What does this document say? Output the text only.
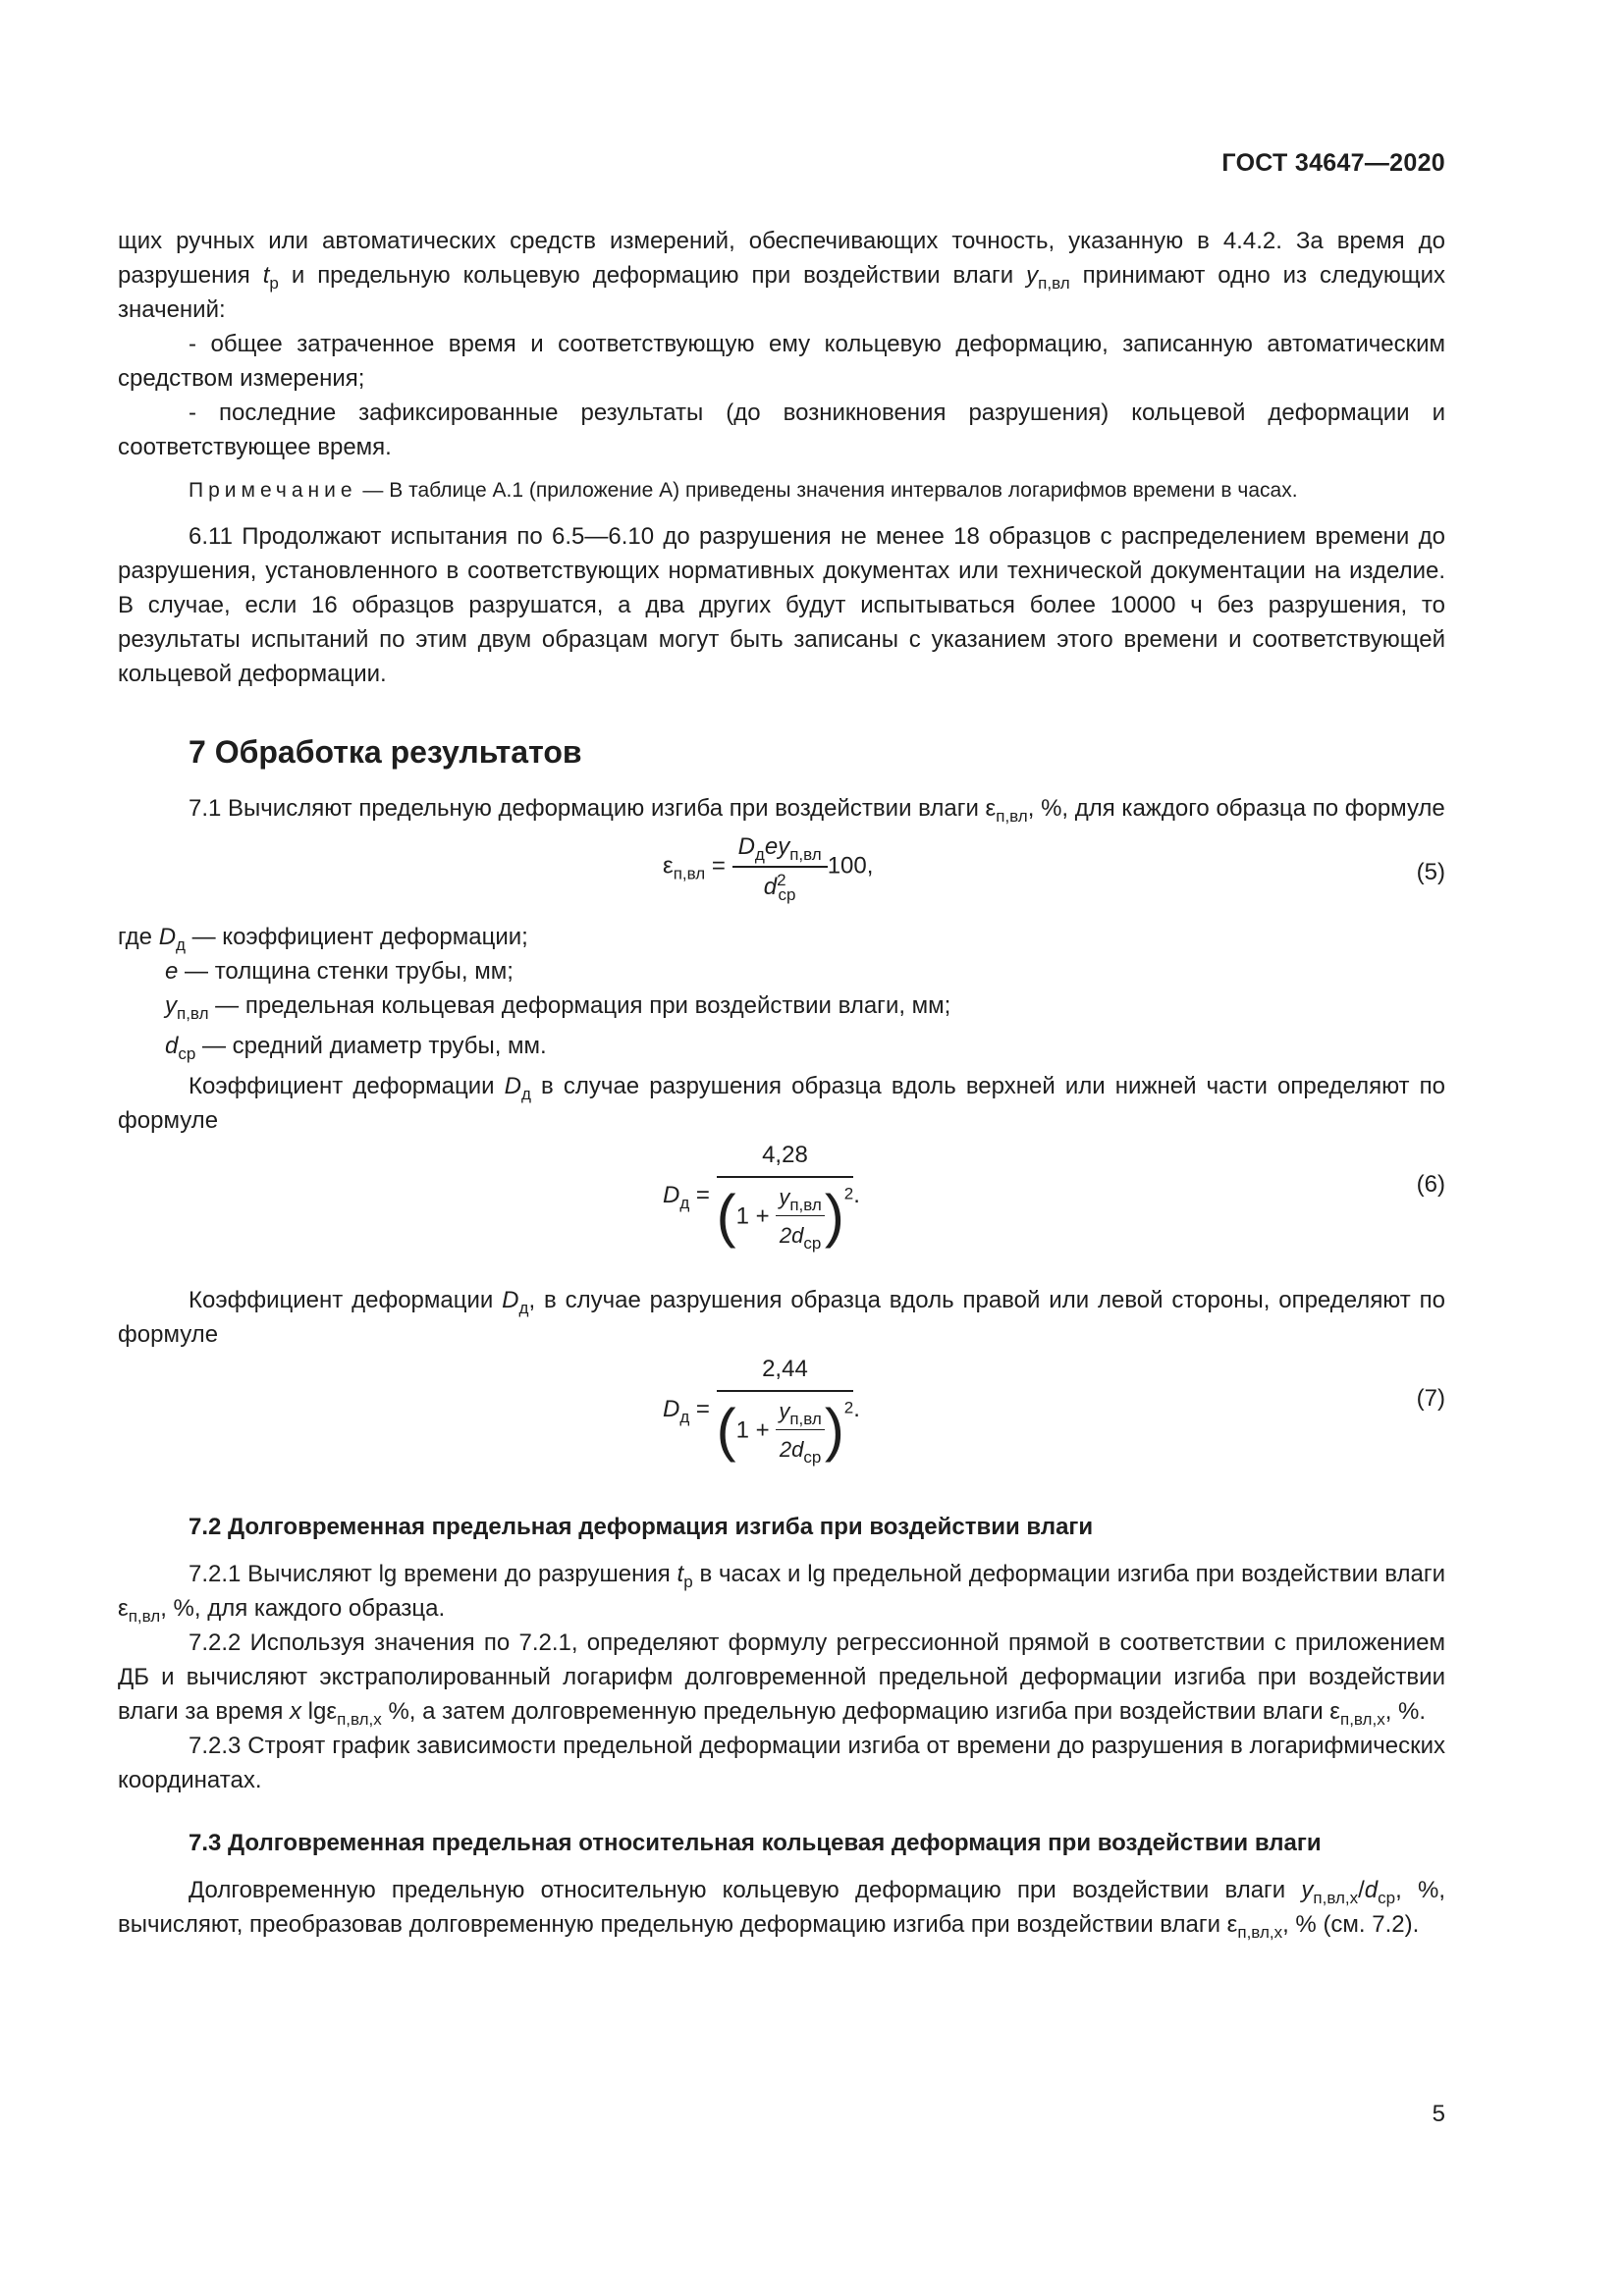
ГОСТ 34647—2020

щих ручных или автоматических средств измерений, обеспечивающих точность, указанную в 4.4.2. За время до разрушения $t_р$ и предельную кольцевую деформацию при воздействии влаги $y_{п,вл}$ принимают одно из следующих значений:

- общее затраченное время и соответствующую ему кольцевую деформацию, записанную автоматическим средством измерения;

- последние зафиксированные результаты (до возникновения разрушения) кольцевой деформации и соответствующее время.

Примечание — В таблице А.1 (приложение А) приведены значения интервалов логарифмов времени в часах.

6.11 Продолжают испытания по 6.5—6.10 до разрушения не менее 18 образцов с распределением времени до разрушения, установленного в соответствующих нормативных документах или технической документации на изделие. В случае, если 16 образцов разрушатся, а два других будут испытываться более 10000 ч без разрушения, то результаты испытаний по этим двум образцам могут быть записаны с указанием этого времени и соответствующей кольцевой деформации.

7 Обработка результатов

7.1 Вычисляют предельную деформацию изгиба при воздействии влаги $\varepsilon_{п,вл}$, %, для каждого образца по формуле

$\varepsilon_{п,вл} = \frac{D_дey_{п,вл}}{d^2_{ср}} 100$,	(5)

где $D_д$ — коэффициент деформации;

e — толщина стенки трубы, мм;

$y_{п,вл}$ — предельная кольцевая деформация при воздействии влаги, мм;

$d_{ср}$ — средний диаметр трубы, мм.

Коэффициент деформации $D_д$ в случае разрушения образца вдоль верхней или нижней части определяют по формуле

$D_д = \frac{4,28}{(1 + \frac{y_{п,вл}}{2d_{ср}} )^2}$ .	(6)

Коэффициент деформации $D_д$, в случае разрушения образца вдоль правой или левой стороны, определяют по формуле

$D_д = \frac{2,44}{(1 + \frac{y_{п,вл}}{2d_{ср}} )^2}$ .	(7)
7.2 Долговременная предельная деформация изгиба при воздействии влаги

7.2.1 Вычисляют lg времени до разрушения $t_р$ в часах и lg предельной деформации изгиба при воздействии влаги $\varepsilon_{п,вл}$, %, для каждого образца.

7.2.2 Используя значения по 7.2.1, определяют формулу регрессионной прямой в соответствии с приложением ДБ и вычисляют экстраполированный логарифм долговременной предельной деформации изгиба при воздействии влаги за время x lgε$_{п,вл,х}$ %, а затем долговременную предельную деформацию изгиба при воздействии влаги $\varepsilon_{п,вл,х}$, %.

7.2.3 Строят график зависимости предельной деформации изгиба от времени до разрушения в логарифмических координатах.

7.3 Долговременная предельная относительная кольцевая деформация при воздействии влаги

Долговременную предельную относительную кольцевую деформацию при воздействии влаги $y_{п,вл,х}/d_{ср}$, %, вычисляют, преобразовав долговременную предельную деформацию изгиба при воздействии влаги $\varepsilon_{п,вл,х}$, % (см. 7.2).

5
